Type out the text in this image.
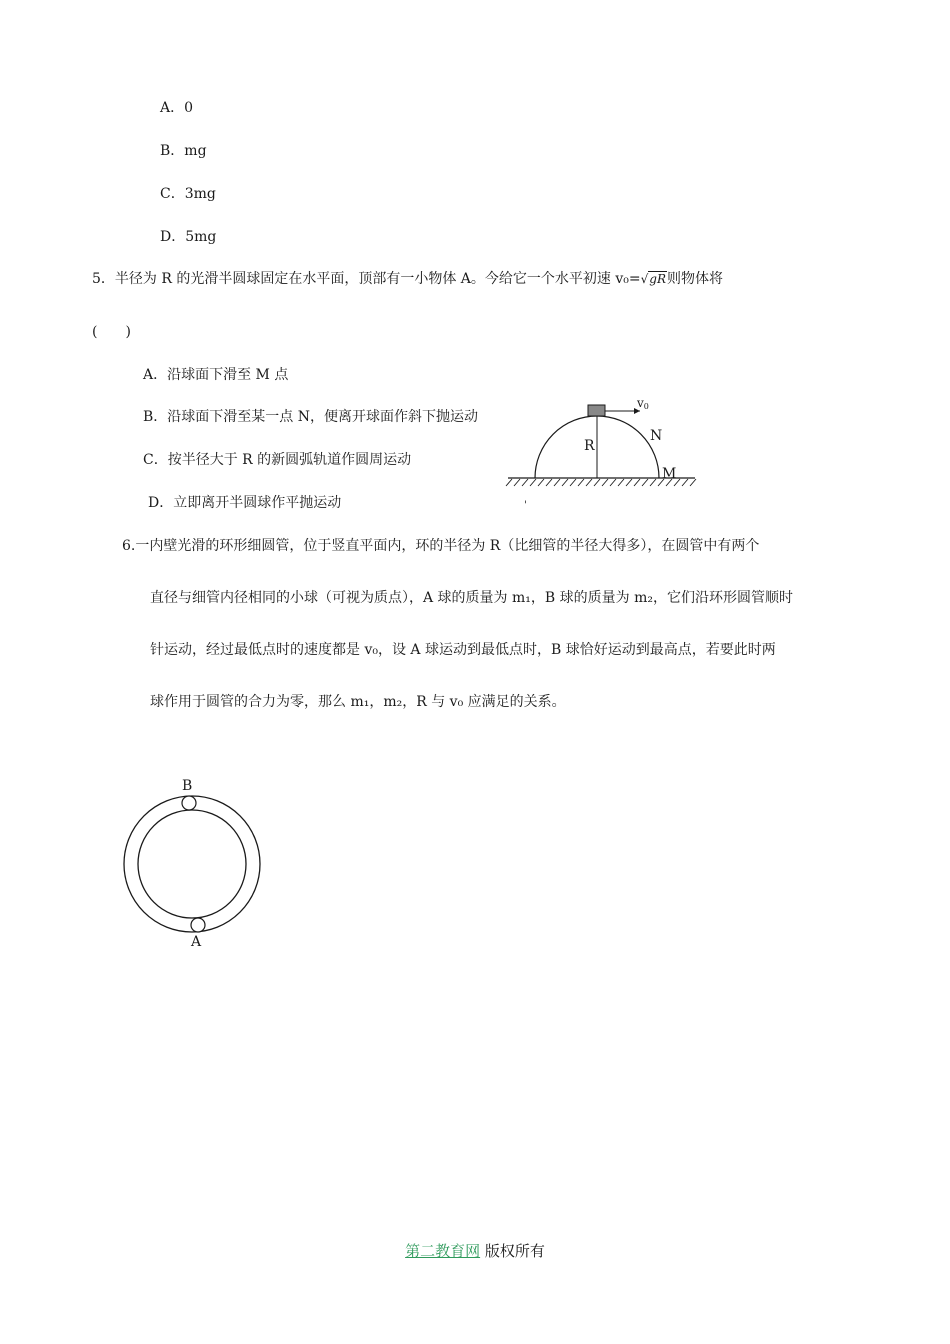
A．0
B．mg
C．3mg
D．5mg
5．半径为 R 的光滑半圆球固定在水平面，顶部有一小物体 A。今给它一个水平初速 v₀=√gR则物体将
(　　)
A．沿球面下滑至 M 点
B．沿球面下滑至某一点 N，便离开球面作斜下抛运动
C．按半径大于 R 的新圆弧轨道作圆周运动
D．立即离开半圆球作平抛运动
v0
R
N
M
'
6.一内壁光滑的环形细圆管，位于竖直平面内，环的半径为 R（比细管的半径大得多），在圆管中有两个
直径与细管内径相同的小球（可视为质点），A 球的质量为 m₁，B 球的质量为 m₂，它们沿环形圆管顺时
针运动，经过最低点时的速度都是 v₀，设 A 球运动到最低点时，B 球恰好运动到最高点，若要此时两
球作用于圆管的合力为零，那么 m₁，m₂，R 与 v₀ 应满足的关系。
B
A
第二教育网 版权所有
